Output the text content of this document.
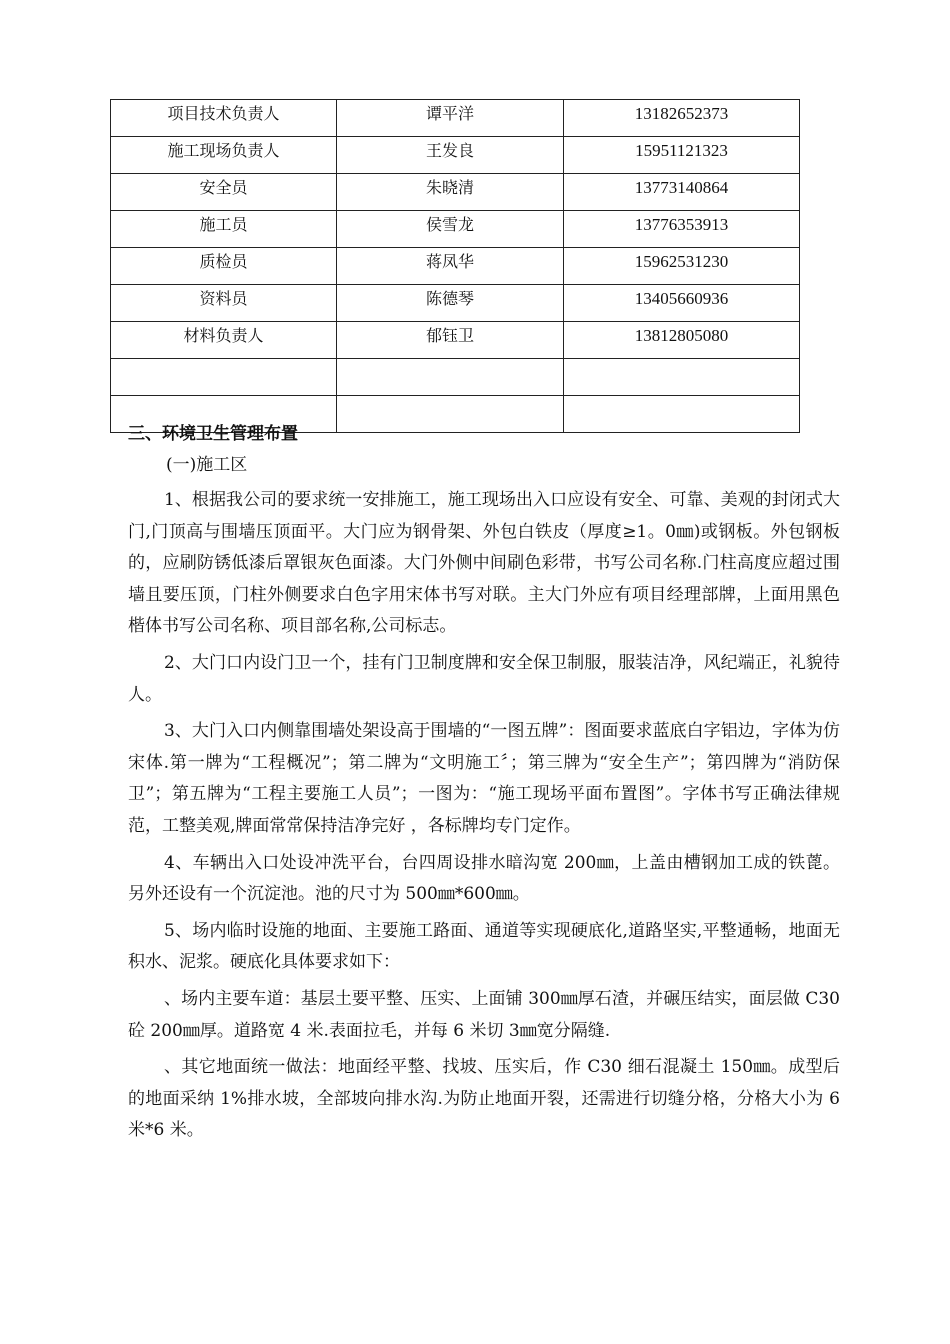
项目技术负责人	谭平洋	13182652373
施工现场负责人	王发良	15951121323
安全员	朱晓清	13773140864
施工员	侯雪龙	13776353913
质检员	蒋凤华	15962531230
资料员	陈德琴	13405660936
材料负责人	郁钰卫	13812805080

三、环境卫生管理布置
(一)施工区
1、根据我公司的要求统一安排施工，施工现场出入口应设有安全、可靠、美观的封闭式大门,门顶高与围墙压顶面平。大门应为钢骨架、外包白铁皮（厚度≥1。0㎜)或钢板。外包钢板的，应刷防锈低漆后罩银灰色面漆。大门外侧中间刷色彩带，书写公司名称.门柱高度应超过围墙且要压顶，门柱外侧要求白色字用宋体书写对联。主大门外应有项目经理部牌，上面用黑色楷体书写公司名称、项目部名称,公司标志。
2、大门口内设门卫一个，挂有门卫制度牌和安全保卫制服，服装洁净，风纪端正，礼貌待人。
3、大门入口内侧靠围墙处架设高于围墙的“一图五牌”：图面要求蓝底白字铝边，字体为仿宋体.第一牌为“工程概况”；第二牌为“文明施工〞；第三牌为“安全生产”；第四牌为“消防保卫”；第五牌为“工程主要施工人员”；一图为：“施工现场平面布置图”。字体书写正确法律规范，工整美观,牌面常常保持洁净完好 ，各标牌均专门定作。
4、车辆出入口处设冲洗平台，台四周设排水暗沟宽 200㎜，上盖由槽钢加工成的铁蓖。另外还设有一个沉淀池。池的尺寸为 500㎜*600㎜。
5、场内临时设施的地面、主要施工路面、通道等实现硬底化,道路坚实,平整通畅，地面无积水、泥浆。硬底化具体要求如下：
、场内主要车道：基层土要平整、压实、上面铺 300㎜厚石渣，并碾压结实，面层做 C30 砼 200㎜厚。道路宽 4 米.表面拉毛，并每 6 米切 3㎜宽分隔缝.
、其它地面统一做法：地面经平整、找坡、压实后，作 C30 细石混凝土 150㎜。成型后的地面采纳 1%排水坡，全部坡向排水沟.为防止地面开裂，还需进行切缝分格，分格大小为 6 米*6 米。
